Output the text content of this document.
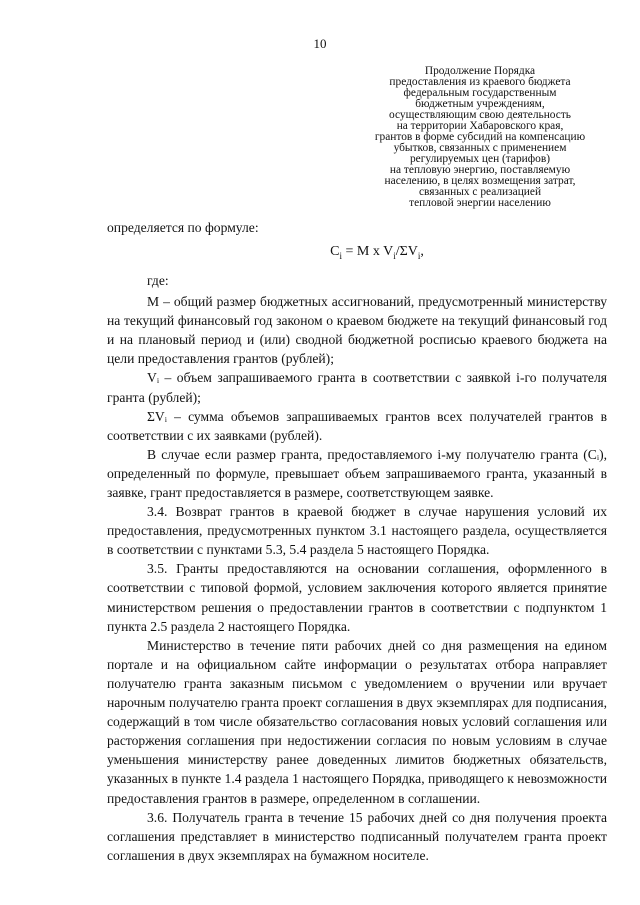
10
Продолжение Порядка
предоставления из краевого бюджета
федеральным государственным
бюджетным учреждениям,
осуществляющим свою деятельность
на территории Хабаровского края,
грантов в форме субсидий на компенсацию
убытков, связанных с применением
регулируемых цен (тарифов)
на тепловую энергию, поставляемую
населению, в целях возмещения затрат,
связанных с реализацией
тепловой энергии населению

определяется по формуле:

$C_i = M$ x $V_i/\Sigma V_i$,

где:

M – общий размер бюджетных ассигнований, предусмотренный министерству на текущий финансовый год законом о краевом бюджете на текущий финансовый год и на плановый период и (или) сводной бюджетной росписью краевого бюджета на цели предоставления грантов (рублей);

Vᵢ – объем запрашиваемого гранта в соответствии с заявкой i-го получателя гранта (рублей);

ΣVᵢ – сумма объемов запрашиваемых грантов всех получателей грантов в соответствии с их заявками (рублей).

В случае если размер гранта, предоставляемого i-му получателю гранта (Cᵢ), определенный по формуле, превышает объем запрашиваемого гранта, указанный в заявке, грант предоставляется в размере, соответствующем заявке.

3.4. Возврат грантов в краевой бюджет в случае нарушения условий их предоставления, предусмотренных пунктом 3.1 настоящего раздела, осуществляется в соответствии с пунктами 5.3, 5.4 раздела 5 настоящего Порядка.

3.5. Гранты предоставляются на основании соглашения, оформленного в соответствии с типовой формой, условием заключения которого является принятие министерством решения о предоставлении грантов в соответствии с подпунктом 1 пункта 2.5 раздела 2 настоящего Порядка.

Министерство в течение пяти рабочих дней со дня размещения на едином портале и на официальном сайте информации о результатах отбора направляет получателю гранта заказным письмом с уведомлением о вручении или вручает нарочным получателю гранта проект соглашения в двух экземплярах для подписания, содержащий в том числе обязательство согласования новых условий соглашения или расторжения соглашения при недостижении согласия по новым условиям в случае уменьшения министерству ранее доведенных лимитов бюджетных обязательств, указанных в пункте 1.4 раздела 1 настоящего Порядка, приводящего к невозможности предоставления грантов в размере, определенном в соглашении.

3.6. Получатель гранта в течение 15 рабочих дней со дня получения проекта соглашения представляет в министерство подписанный получателем гранта проект соглашения в двух экземплярах на бумажном носителе.
